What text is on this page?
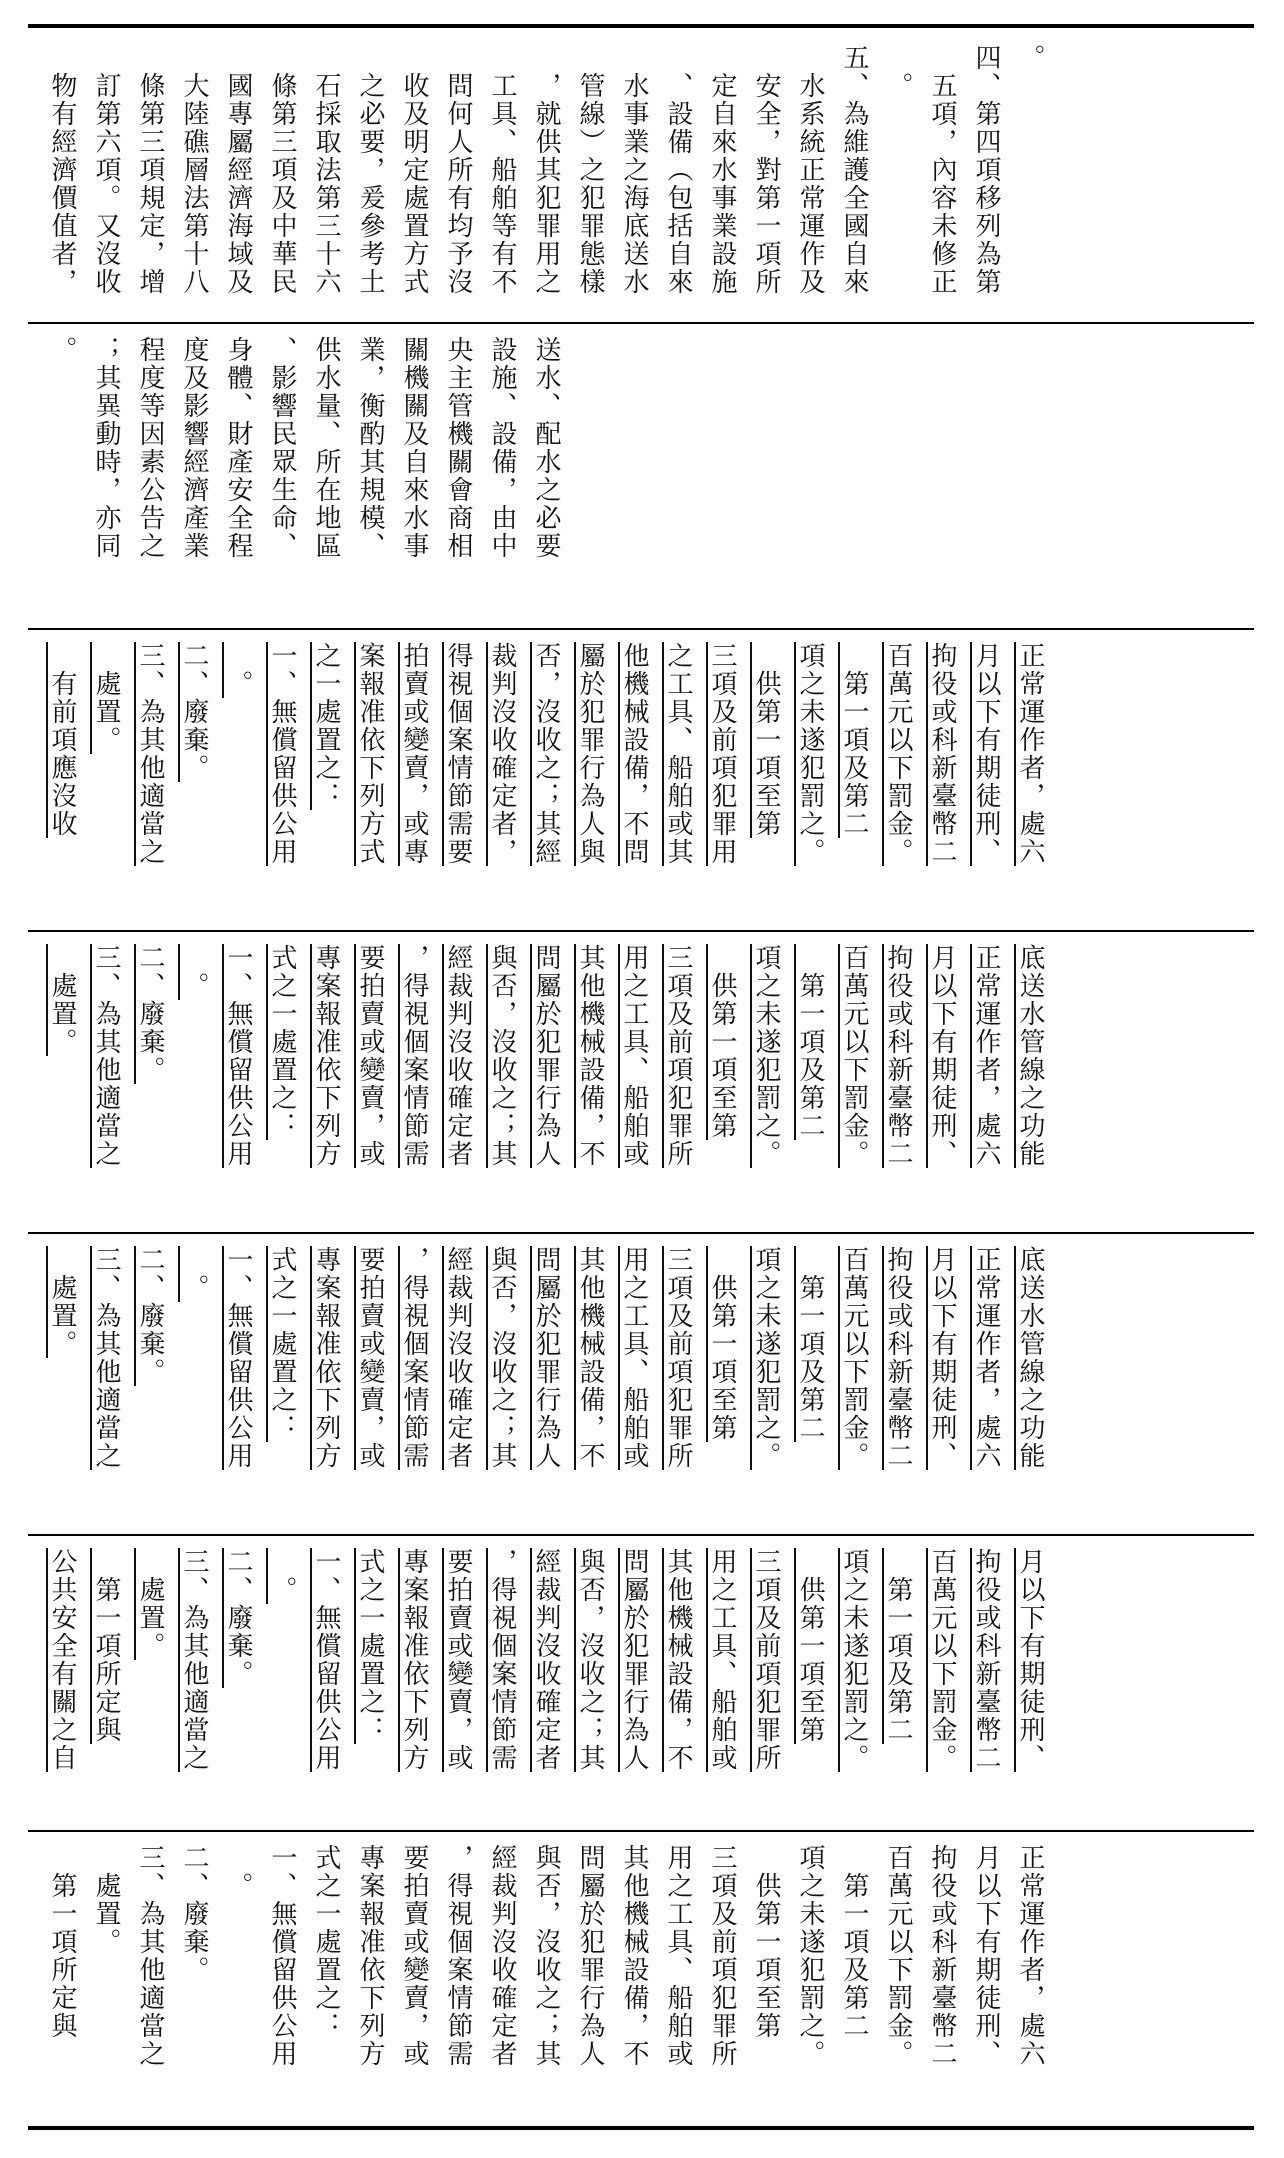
。
四、第四項移列為第
　五項，內容未修正
　。
五、為維護全國自來
　水系統正常運作及
　安全，對第一項所
　定自來水事業設施
　、設備（包括自來
　水事業之海底送水
　管線）之犯罪態樣
　，就供其犯罪用之
　工具、船舶等有不
　問何人所有均予沒
　收及明定處置方式
　之必要，爰參考土
　石採取法第三十六
　條第三項及中華民
　國專屬經濟海域及
　大陸礁層法第十八
　條第三項規定，增
　訂第六項。又沒收
　物有經濟價值者，
送水、配水之必要
設施、設備，由中
央主管機關會商相
關機關及自來水事
業，衡酌其規模、
供水量、所在地區
、影響民眾生命、
身體、財產安全程
度及影響經濟產業
程度等因素公告之
；其異動時，亦同
。
正常運作者，處六
月以下有期徒刑、
拘役或科新臺幣二
百萬元以下罰金。
　第一項及第二
項之未遂犯罰之。
　供第一項至第
三項及前項犯罪用
之工具、船舶或其
他機械設備，不問
屬於犯罪行為人與
否，沒收之；其經
裁判沒收確定者，
得視個案情節需要
拍賣或變賣，或專
案報准依下列方式
之一處置之：
一、無償留供公用
　。
二、廢棄。
三、為其他適當之
　處置。
　有前項應沒收
底送水管線之功能
正常運作者，處六
月以下有期徒刑、
拘役或科新臺幣二
百萬元以下罰金。
　第一項及第二
項之未遂犯罰之。
　供第一項至第
三項及前項犯罪所
用之工具、船舶或
其他機械設備，不
問屬於犯罪行為人
與否，沒收之；其
經裁判沒收確定者
，得視個案情節需
要拍賣或變賣，或
專案報准依下列方
式之一處置之：
一、無償留供公用
　。
二、廢棄。
三、為其他適當之
　處置。
底送水管線之功能
正常運作者，處六
月以下有期徒刑、
拘役或科新臺幣二
百萬元以下罰金。
　第一項及第二
項之未遂犯罰之。
　供第一項至第
三項及前項犯罪所
用之工具、船舶或
其他機械設備，不
問屬於犯罪行為人
與否，沒收之；其
經裁判沒收確定者
，得視個案情節需
要拍賣或變賣，或
專案報准依下列方
式之一處置之：
一、無償留供公用
　。
二、廢棄。
三、為其他適當之
　處置。
月以下有期徒刑、
拘役或科新臺幣二
百萬元以下罰金。
　第一項及第二
項之未遂犯罰之。
　供第一項至第
三項及前項犯罪所
用之工具、船舶或
其他機械設備，不
問屬於犯罪行為人
與否，沒收之；其
經裁判沒收確定者
，得視個案情節需
要拍賣或變賣，或
專案報准依下列方
式之一處置之：
一、無償留供公用
　。
二、廢棄。
三、為其他適當之
　處置。
　第一項所定與
公共安全有關之自
正常運作者，處六
月以下有期徒刑、
拘役或科新臺幣二
百萬元以下罰金。
　第一項及第二
項之未遂犯罰之。
　供第一項至第
三項及前項犯罪所
用之工具、船舶或
其他機械設備，不
問屬於犯罪行為人
與否，沒收之；其
經裁判沒收確定者
，得視個案情節需
要拍賣或變賣，或
專案報准依下列方
式之一處置之：
一、無償留供公用
　。
二、廢棄。
三、為其他適當之
　處置。
　第一項所定與
